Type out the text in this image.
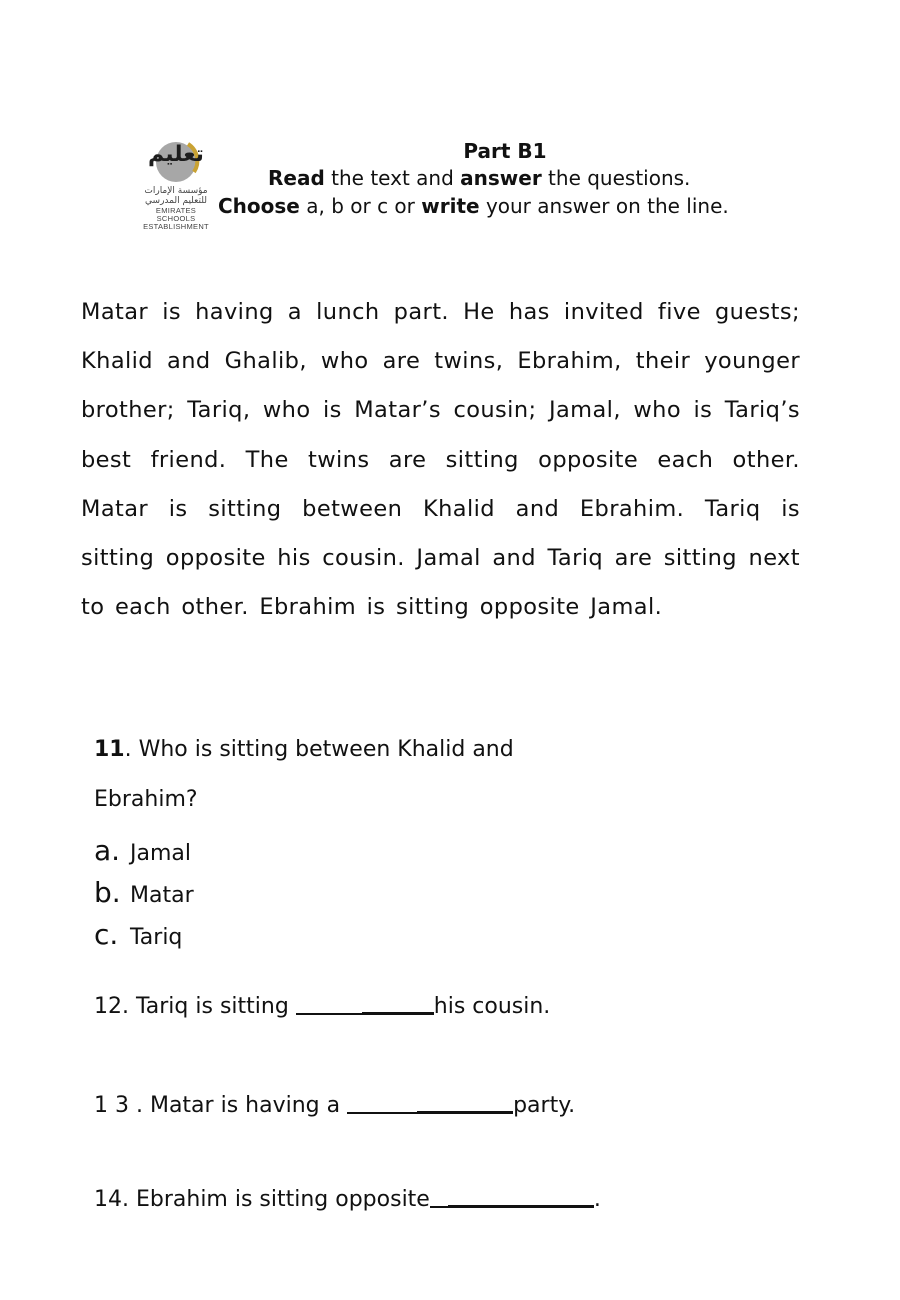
تعليم
مؤسسة الإمارات
للتعليم المدرسي
EMIRATES SCHOOLS
ESTABLISHMENT
Part B1
Read the text and answer the questions.
Choose a, b or c or write your answer on the line.
Matar is having a lunch part. He has invited five guests; Khalid and Ghalib, who are twins, Ebrahim, their younger brother; Tariq, who is Matar’s cousin; Jamal, who is Tariq’s best friend. The twins are sitting opposite each other. Matar is sitting between Khalid and Ebrahim. Tariq is sitting opposite his cousin. Jamal and Tariq are sitting next to each other. Ebrahim is sitting opposite Jamal.
11. Who is sitting between Khalid and
Ebrahim?
a. Jamal
b. Matar
c. Tariq
12. Tariq is sitting	his cousin.
1 3 . Matar is having a	party.
14. Ebrahim is sitting opposite	.
